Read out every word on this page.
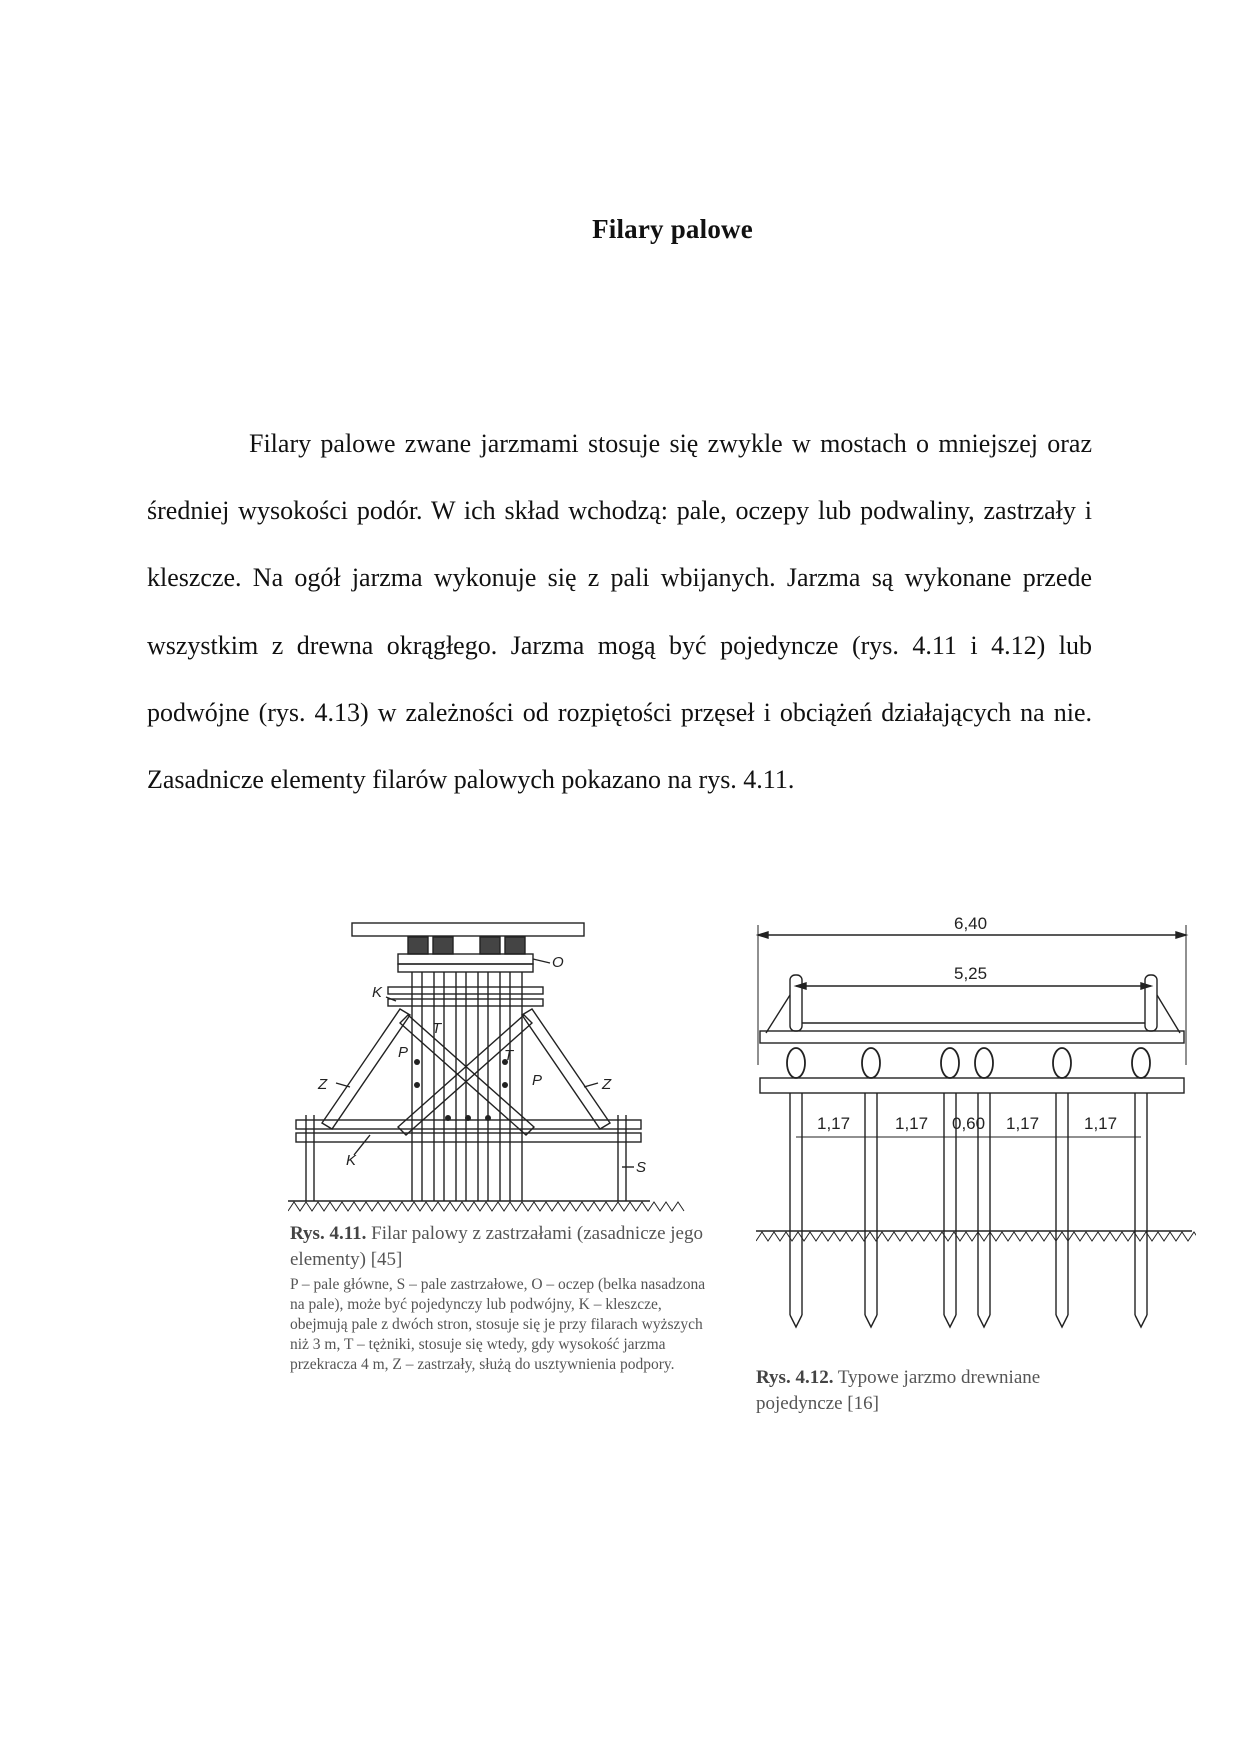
Filary palowe

Filary palowe zwane jarzmami stosuje się zwykle w mostach o mniejszej oraz średniej wysokości podór. W ich skład wchodzą: pale, oczepy lub podwaliny, zastrzały i kleszcze. Na ogół jarzma wykonuje się z pali wbijanych. Jarzma są wykonane przede wszystkim z drewna okrągłego. Jarzma mogą być pojedyncze (rys. 4.11 i 4.12) lub podwójne (rys. 4.13) w zależności od rozpiętości przęseł i obciążeń działających na nie. Zasadnicze elementy filarów palowych pokazano na rys. 4.11.

O
K
T
T
P
P
Z	Z
K	S
Rys. 4.11. Filar palowy z zastrzałami (zasadnicze jego elementy) [45]
P – pale główne, S – pale zastrzałowe, O – oczep (belka nasadzona na pale), może być pojedynczy lub podwójny, K – kleszcze, obejmują pale z dwóch stron, stosuje się je przy filarach wyższych niż 3 m, T – tężniki, stosuje się wtedy, gdy wysokość jarzma przekracza 4 m, Z – zastrzały, służą do usztywnienia podpory.
6,40
5,25
1,17	1,17 0,60 1,17	1,17
Rys. 4.12. Typowe jarzmo drewniane pojedyncze [16]
